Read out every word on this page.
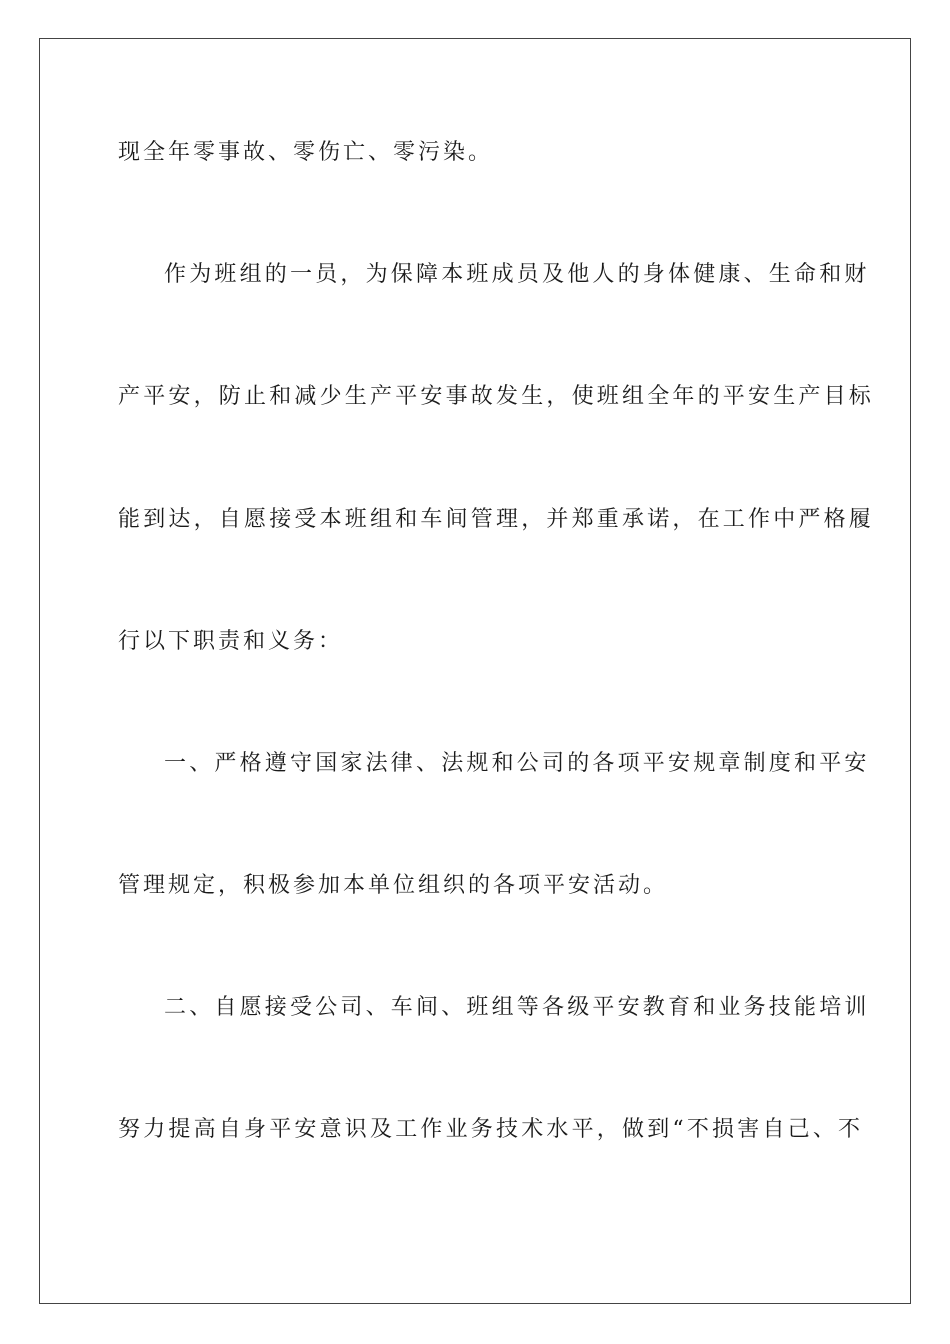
现全年零事故、零伤亡、零污染。
作为班组的一员，为保障本班成员及他人的身体健康、生命和财
产平安，防止和减少生产平安事故发生，使班组全年的平安生产目标
能到达，自愿接受本班组和车间管理，并郑重承诺，在工作中严格履
行以下职责和义务：
一、严格遵守国家法律、法规和公司的各项平安规章制度和平安
管理规定，积极参加本单位组织的各项平安活动。
二、自愿接受公司、车间、班组等各级平安教育和业务技能培训
努力提高自身平安意识及工作业务技术水平，做到“不损害自己、不
